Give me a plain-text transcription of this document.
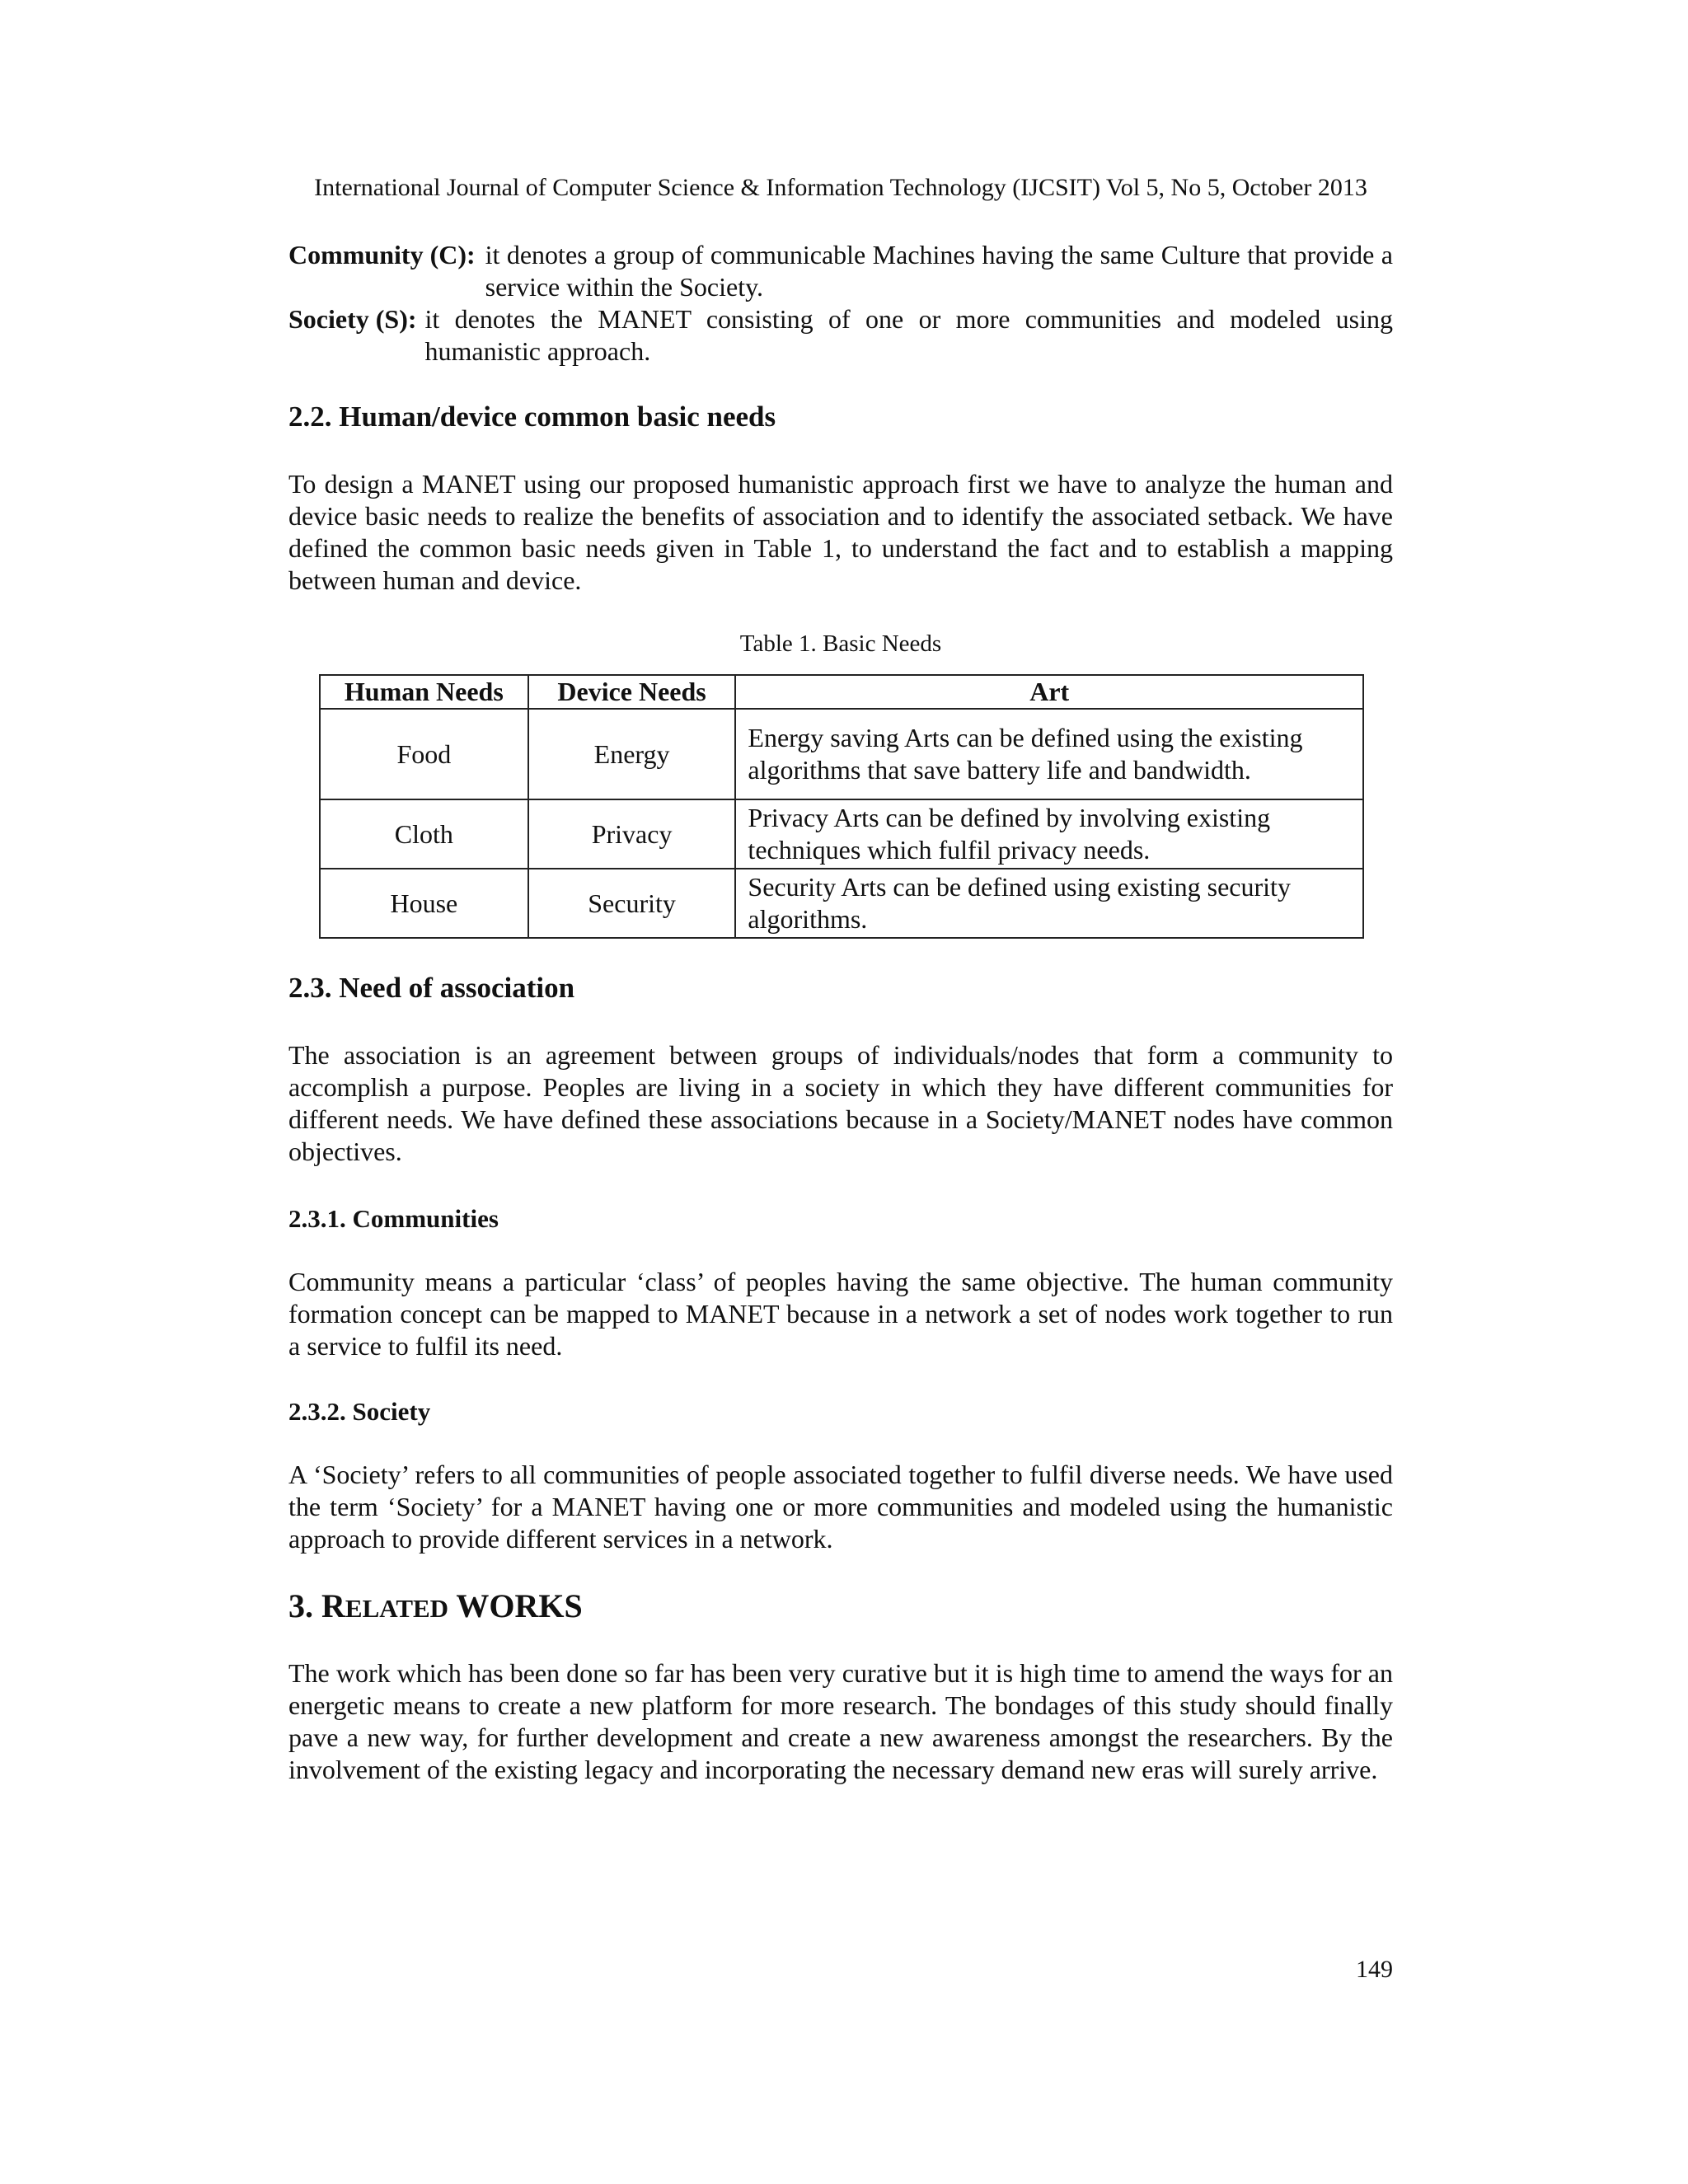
International Journal of Computer Science & Information Technology (IJCSIT) Vol 5, No 5, October 2013
Community (C): it denotes a group of communicable Machines having the same Culture that provide a service within the Society.
Society (S): it denotes the MANET consisting of one or more communities and modeled using humanistic approach.
2.2. Human/device common basic needs

To design a MANET using our proposed humanistic approach first we have to analyze the human and device basic needs to realize the benefits of association and to identify the associated setback. We have defined the common basic needs given in Table 1, to understand the fact and to establish a mapping between human and device.

Table 1. Basic Needs
Human Needs	Device Needs	Art
Food	Energy	Energy saving Arts can be defined using the existing algorithms that save battery life and bandwidth.
Cloth	Privacy	Privacy Arts can be defined by involving existing techniques which fulfil privacy needs.
House	Security	Security Arts can be defined using existing security algorithms.
2.3. Need of association

The association is an agreement between groups of individuals/nodes that form a community to accomplish a purpose. Peoples are living in a society in which they have different communities for different needs. We have defined these associations because in a Society/MANET nodes have common objectives.

2.3.1. Communities

Community means a particular ‘class’ of peoples having the same objective. The human community formation concept can be mapped to MANET because in a network a set of nodes work together to run a service to fulfil its need.

2.3.2. Society

A ‘Society’ refers to all communities of people associated together to fulfil diverse needs. We have used the term ‘Society’ for a MANET having one or more communities and modeled using the humanistic approach to provide different services in a network.

3. RELATED WORKS

The work which has been done so far has been very curative but it is high time to amend the ways for an energetic means to create a new platform for more research. The bondages of this study should finally pave a new way, for further development and create a new awareness amongst the researchers. By the involvement of the existing legacy and incorporating the necessary demand new eras will surely arrive.

149
